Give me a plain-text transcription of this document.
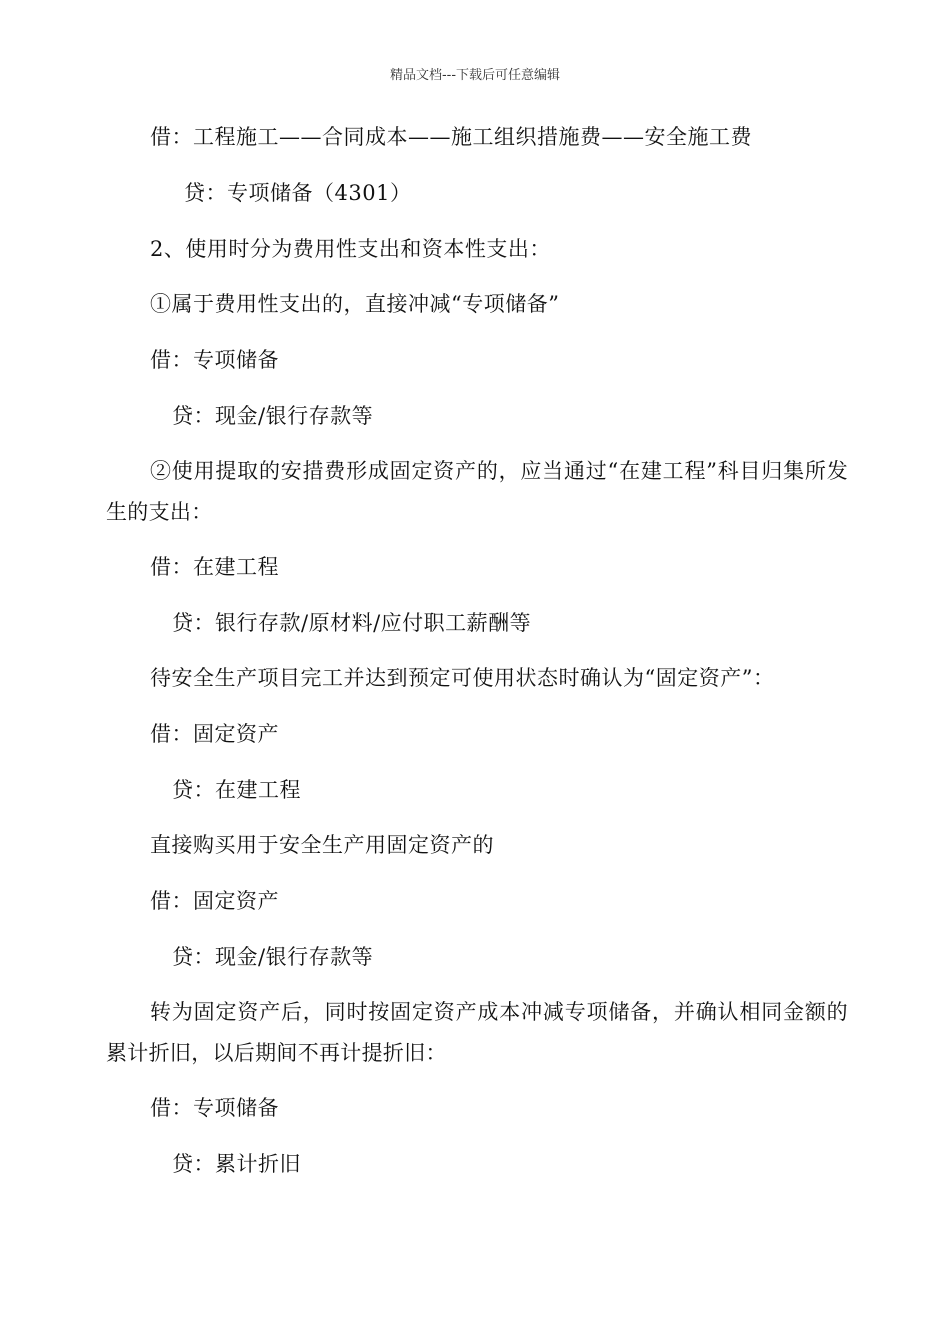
精品文档---下载后可任意编辑
借：工程施工——合同成本——施工组织措施费——安全施工费
贷：专项储备（4301）
2、使用时分为费用性支出和资本性支出：
①属于费用性支出的，直接冲减“专项储备”
借：专项储备
贷：现金/银行存款等
②使用提取的安措费形成固定资产的，应当通过“在建工程”科目归集所发生的支出：
借：在建工程
贷：银行存款/原材料/应付职工薪酬等
待安全生产项目完工并达到预定可使用状态时确认为“固定资产”：
借：固定资产
贷：在建工程
直接购买用于安全生产用固定资产的
借：固定资产
贷：现金/银行存款等
转为固定资产后，同时按固定资产成本冲减专项储备，并确认相同金额的累计折旧，以后期间不再计提折旧：
借：专项储备
贷：累计折旧
